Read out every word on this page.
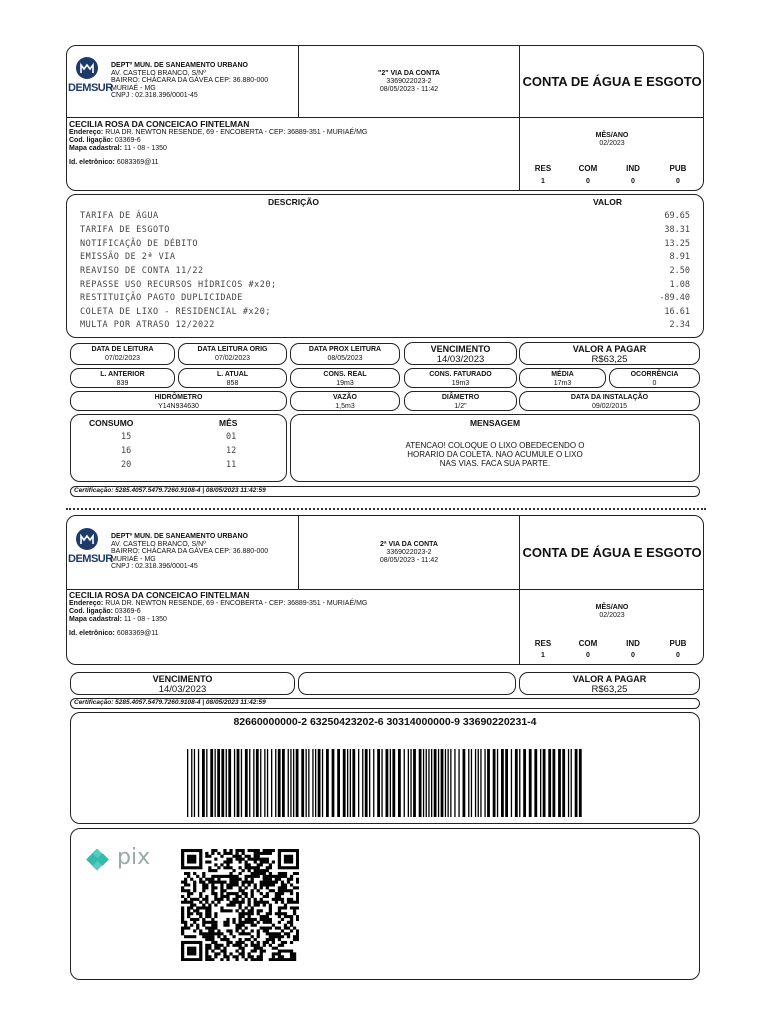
DEMSUR
DEPTº MUN. DE SANEAMENTO URBANO
AV. CASTELO BRANCO, S/Nº
BAIRRO: CHÁCARA DA GÁVEA CEP: 36.880-000
MURIAÉ - MG
CNPJ : 02.318.396/0001-45
"2" VIA DA CONTA
3369022023-2
08/05/2023 - 11:42
CONTA DE ÁGUA E ESGOTO
CECILIA ROSA DA CONCEICAO FINTELMAN
Endereço: RUA DR. NEWTON RESENDE, 69 - ENCOBERTA - CEP: 36889-351 - MURIAÉ/MG
Cod. ligação: 03369-6
Mapa cadastral: 11 - 08 - 1350
Id. eletrônico: 6083369@11
MÊS/ANO
02/2023
RES	COM	IND	PUB
1	0	0	0
DESCRIÇÃO	VALOR
TARIFA DE ÁGUA	69.65
TARIFA DE ESGOTO	38.31
NOTIFICAÇÃO DE DÉBITO	13.25
EMISSÃO DE 2ª VIA	8.91
REAVISO DE CONTA 11/22	2.50
REPASSE USO RECURSOS HÍDRICOS #x20;	1.08
RESTITUIÇÃO PAGTO DUPLICIDADE	-89.40
COLETA DE LIXO - RESIDENCIAL #x20;	16.61
MULTA POR ATRASO 12/2022	2.34
DATA DE LEITURA
07/02/2023
DATA LEITURA ORIG
07/02/2023
DATA PROX LEITURA
08/05/2023
VENCIMENTO
14/03/2023
VALOR A PAGAR
R$63,25
L. ANTERIOR
839
L. ATUAL
858
CONS. REAL
19m3
CONS. FATURADO
19m3
MÉDIA
17m3
OCORRÊNCIA
0
HIDRÔMETRO
Y14N934630
VAZÃO
1,5m3
DIÂMETRO
1/2"
DATA DA INSTALAÇÃO
09/02/2015
CONSUMO	MÊS
15	01
16	12
20	11
MENSAGEM
ATENCAO! COLOQUE O LIXO OBEDECENDO O
HORARIO DA COLETA. NAO ACUMULE O LIXO
NAS VIAS. FACA SUA PARTE.
Certificação: 5285.4057.5479.7260.9108-4 | 08/05/2023 11:42:59
DEMSUR
DEPTº MUN. DE SANEAMENTO URBANO
AV. CASTELO BRANCO, S/Nº
BAIRRO: CHÁCARA DA GÁVEA CEP: 36.880-000
MURIAÉ - MG
CNPJ : 02.318.396/0001-45
2ª VIA DA CONTA
3369022023-2
08/05/2023 - 11:42
CONTA DE ÁGUA E ESGOTO
CECILIA ROSA DA CONCEICAO FINTELMAN
Endereço: RUA DR. NEWTON RESENDE, 69 - ENCOBERTA - CEP: 36889-351 - MURIAÉ/MG
Cod. ligação: 03369-6
Mapa cadastral: 11 - 08 - 1350
Id. eletrônico: 6083369@11
MÊS/ANO
02/2023
RES	COM	IND	PUB
1	0	0	0
VENCIMENTO
14/03/2023
VALOR A PAGAR
R$63,25
Certificação: 5285.4057.5479.7260.9108-4 | 08/05/2023 11:42:59
82660000000-2 63250423202-6 30314000000-9 33690220231-4
pix
